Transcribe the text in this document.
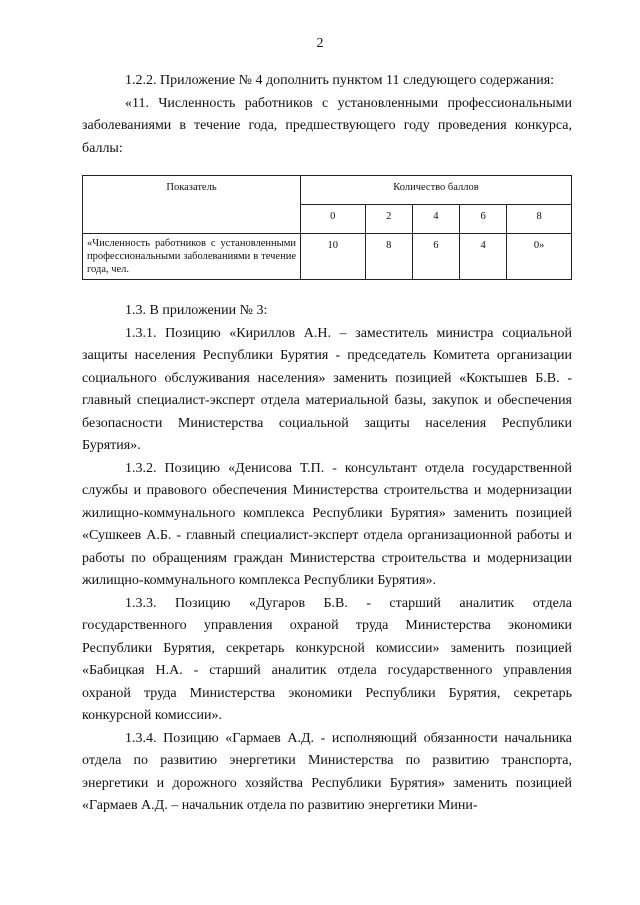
2

1.2.2. Приложение № 4 дополнить пунктом 11 следующего содержания:

«11. Численность работников с установленными профессиональными заболеваниями в течение года, предшествующего году проведения конкурса, баллы:

Показатель	Количество баллов				
	0	2	4	6	8
«Численность работников с установленными профессиональными заболеваниями в течение года, чел.	10	8	6	4	0»

1.3. В приложении № 3:

1.3.1. Позицию «Кириллов А.Н. – заместитель министра социальной защиты населения Республики Бурятия - председатель Комитета организации социального обслуживания населения» заменить позицией «Коктышев Б.В. - главный специалист-эксперт отдела материальной базы, закупок и обеспечения безопасности Министерства социальной защиты населения Республики Бурятия».

1.3.2. Позицию «Денисова Т.П. - консультант отдела государственной службы и правового обеспечения Министерства строительства и модернизации жилищно-коммунального комплекса Республики Бурятия» заменить позицией «Сушкеев А.Б. - главный специалист-эксперт отдела организационной работы и работы по обращениям граждан Министерства строительства и модернизации жилищно-коммунального комплекса Республики Бурятия».

1.3.3. Позицию «Дугаров Б.В. - старший аналитик отдела государственного управления охраной труда Министерства экономики Республики Бурятия, секретарь конкурсной комиссии» заменить позицией «Бабицкая Н.А. - старший аналитик отдела государственного управления охраной труда Министерства экономики Республики Бурятия, секретарь конкурсной комиссии».

1.3.4. Позицию «Гармаев А.Д. - исполняющий обязанности начальника отдела по развитию энергетики Министерства по развитию транспорта, энергетики и дорожного хозяйства Республики Бурятия» заменить позицией «Гармаев А.Д. – начальник отдела по развитию энергетики Мини-
